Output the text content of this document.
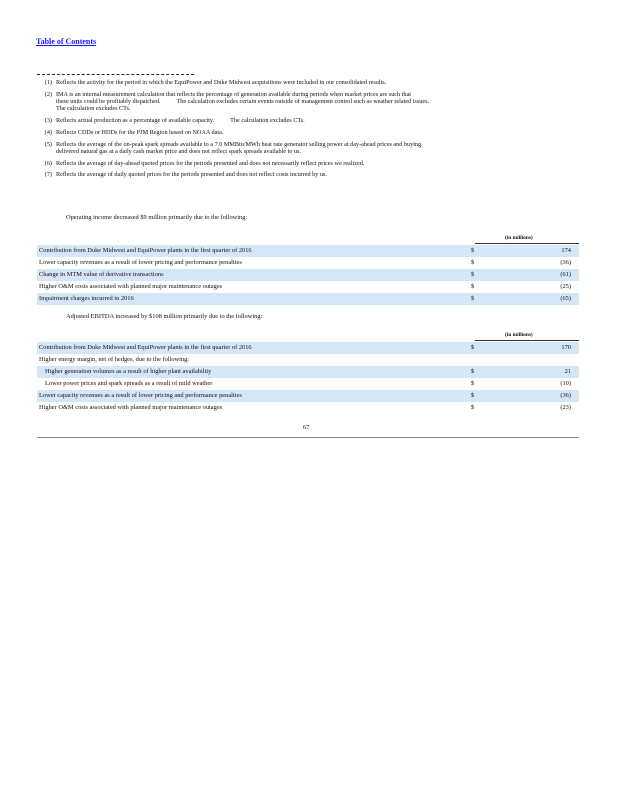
Table of Contents
(1) Reflects the activity for the period in which the EquiPower and Duke Midwest acquisitions were included in our consolidated results.
(2) IMA is an internal measurement calculation that reflects the percentage of generation available during periods when market prices are such that
these units could be profitably dispatched.	The calculation excludes certain events outside of management control such as weather related issues.
The calculation excludes CTs.
(3) Reflects actual production as a percentage of available capacity.	The calculation excludes CTs.
(4) Reflects CDDs or HDDs for the PJM Region based on NOAA data.
(5) Reflects the average of the on-peak spark spreads available to a 7.0 MMBtu/MWh heat rate generator selling power at day-ahead prices and buying
delivered natural gas at a daily cash market price and does not reflect spark spreads available to us.
(6) Reflects the average of day-ahead quoted prices for the periods presented and does not necessarily reflect prices we realized.
(7) Reflects the average of daily quoted prices for the periods presented and does not reflect costs incurred by us.
Operating income decreased $9 million primarily due to the following:
(in millions)
Contribution from Duke Midwest and EquiPower plants in the first quarter of 2016	$	174
Lower capacity revenues as a result of lower pricing and performance penalties	$	(36)
Change in MTM value of derivative transactions	$	(61)
Higher O&M costs associated with planned major maintenance outages	$	(25)
Impairment charges incurred in 2016	$	(65)
Adjusted EBITDA increased by $108 million primarily due to the following:
(in millions)
Contribution from Duke Midwest and EquiPower plants in the first quarter of 2016	$	170
Higher energy margin, net of hedges, due to the following:
Higher generation volumes as a result of higher plant availability	$	21
Lower power prices and spark spreads as a result of mild weather	$	(10)
Lower capacity revenues as a result of lower pricing and performance penalties	$	(36)
Higher O&M costs associated with planned major maintenance outages	$	(23)
67
